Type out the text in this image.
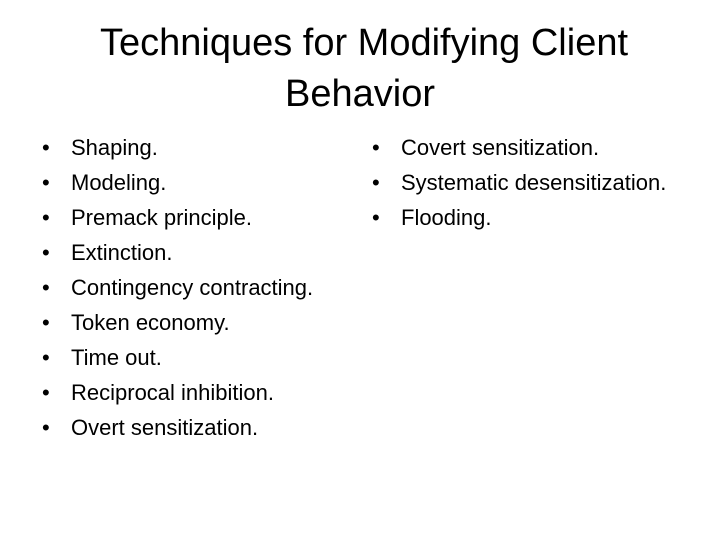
Techniques for Modifying Client
Behavior
• Shaping.
• Modeling.
• Premack principle.
• Extinction.
• Contingency contracting.
• Token economy.
• Time out.
• Reciprocal inhibition.
• Overt sensitization.
• Covert sensitization.
• Systematic desensitization.
• Flooding.
